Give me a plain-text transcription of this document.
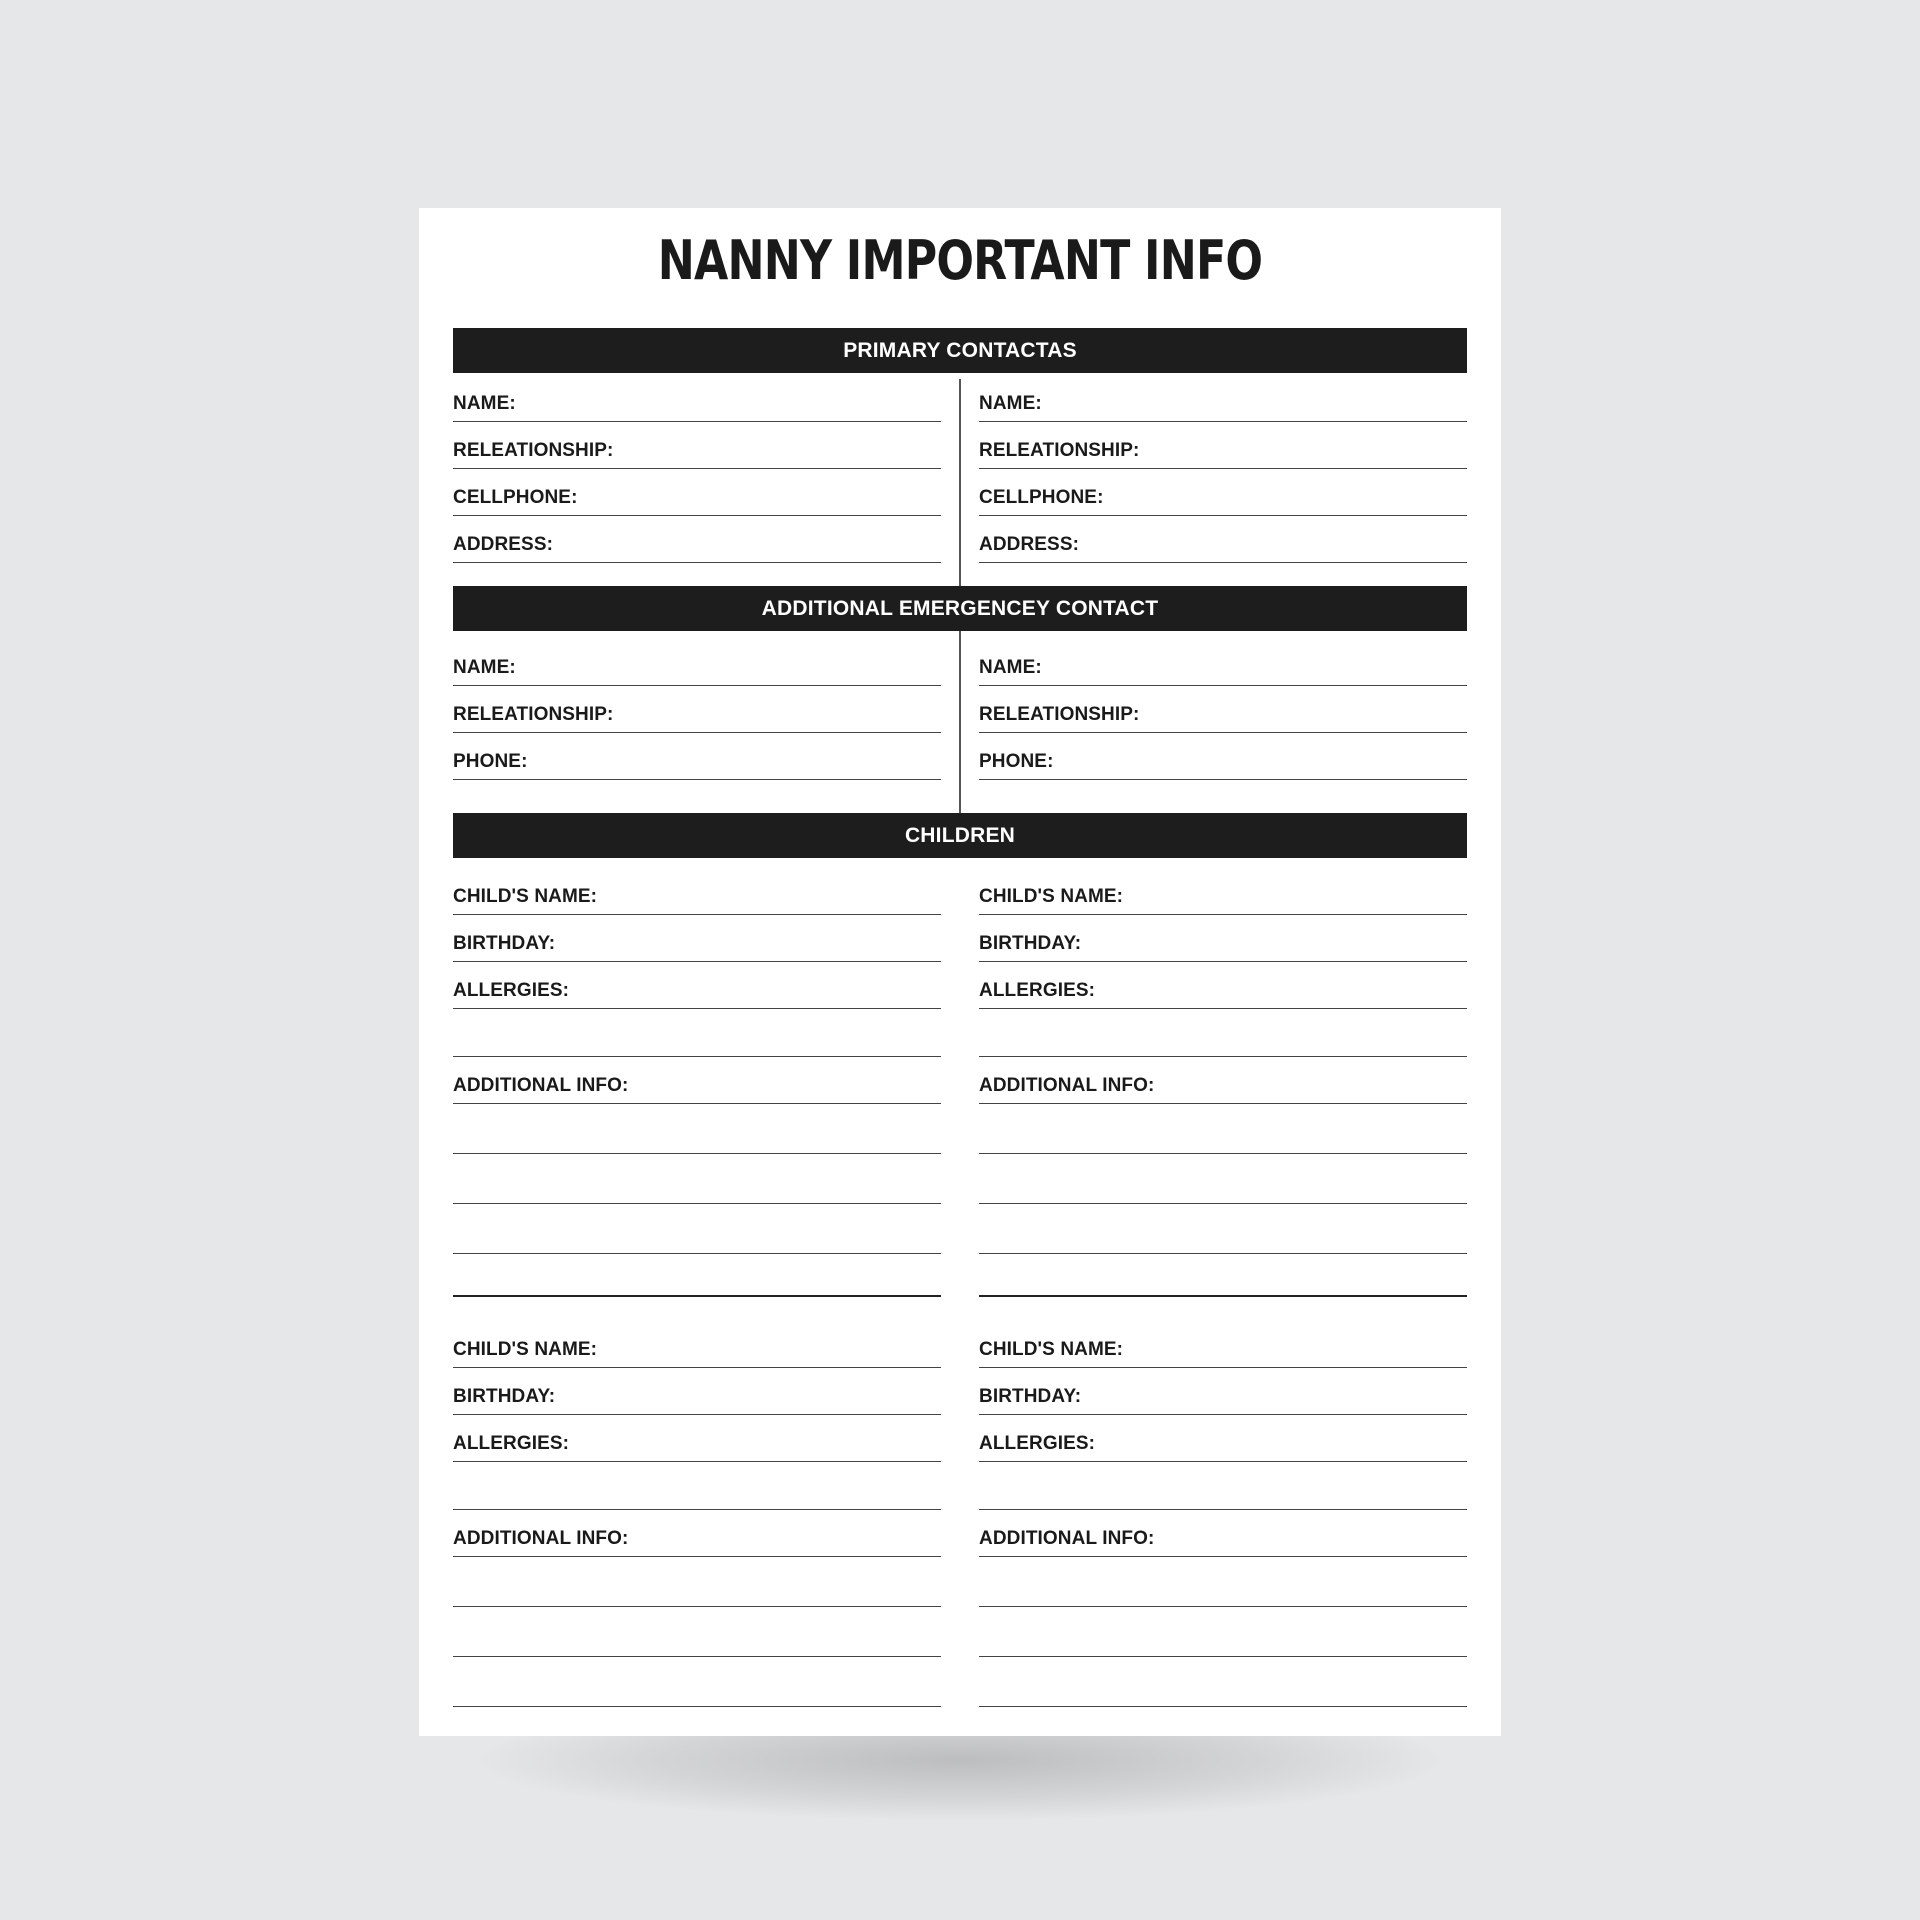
NANNY IMPORTANT INFO
PRIMARY CONTACTAS
NAME:
RELEATIONSHIP:
CELLPHONE:
ADDRESS:
NAME:
RELEATIONSHIP:
CELLPHONE:
ADDRESS:
ADDITIONAL EMERGENCEY CONTACT
NAME:
RELEATIONSHIP:
PHONE:
NAME:
RELEATIONSHIP:
PHONE:
CHILDREN
CHILD'S NAME:
BIRTHDAY:
ALLERGIES:
ADDITIONAL INFO:
CHILD'S NAME:
BIRTHDAY:
ALLERGIES:
ADDITIONAL INFO:
CHILD'S NAME:
BIRTHDAY:
ALLERGIES:
ADDITIONAL INFO:
CHILD'S NAME:
BIRTHDAY:
ALLERGIES:
ADDITIONAL INFO:
